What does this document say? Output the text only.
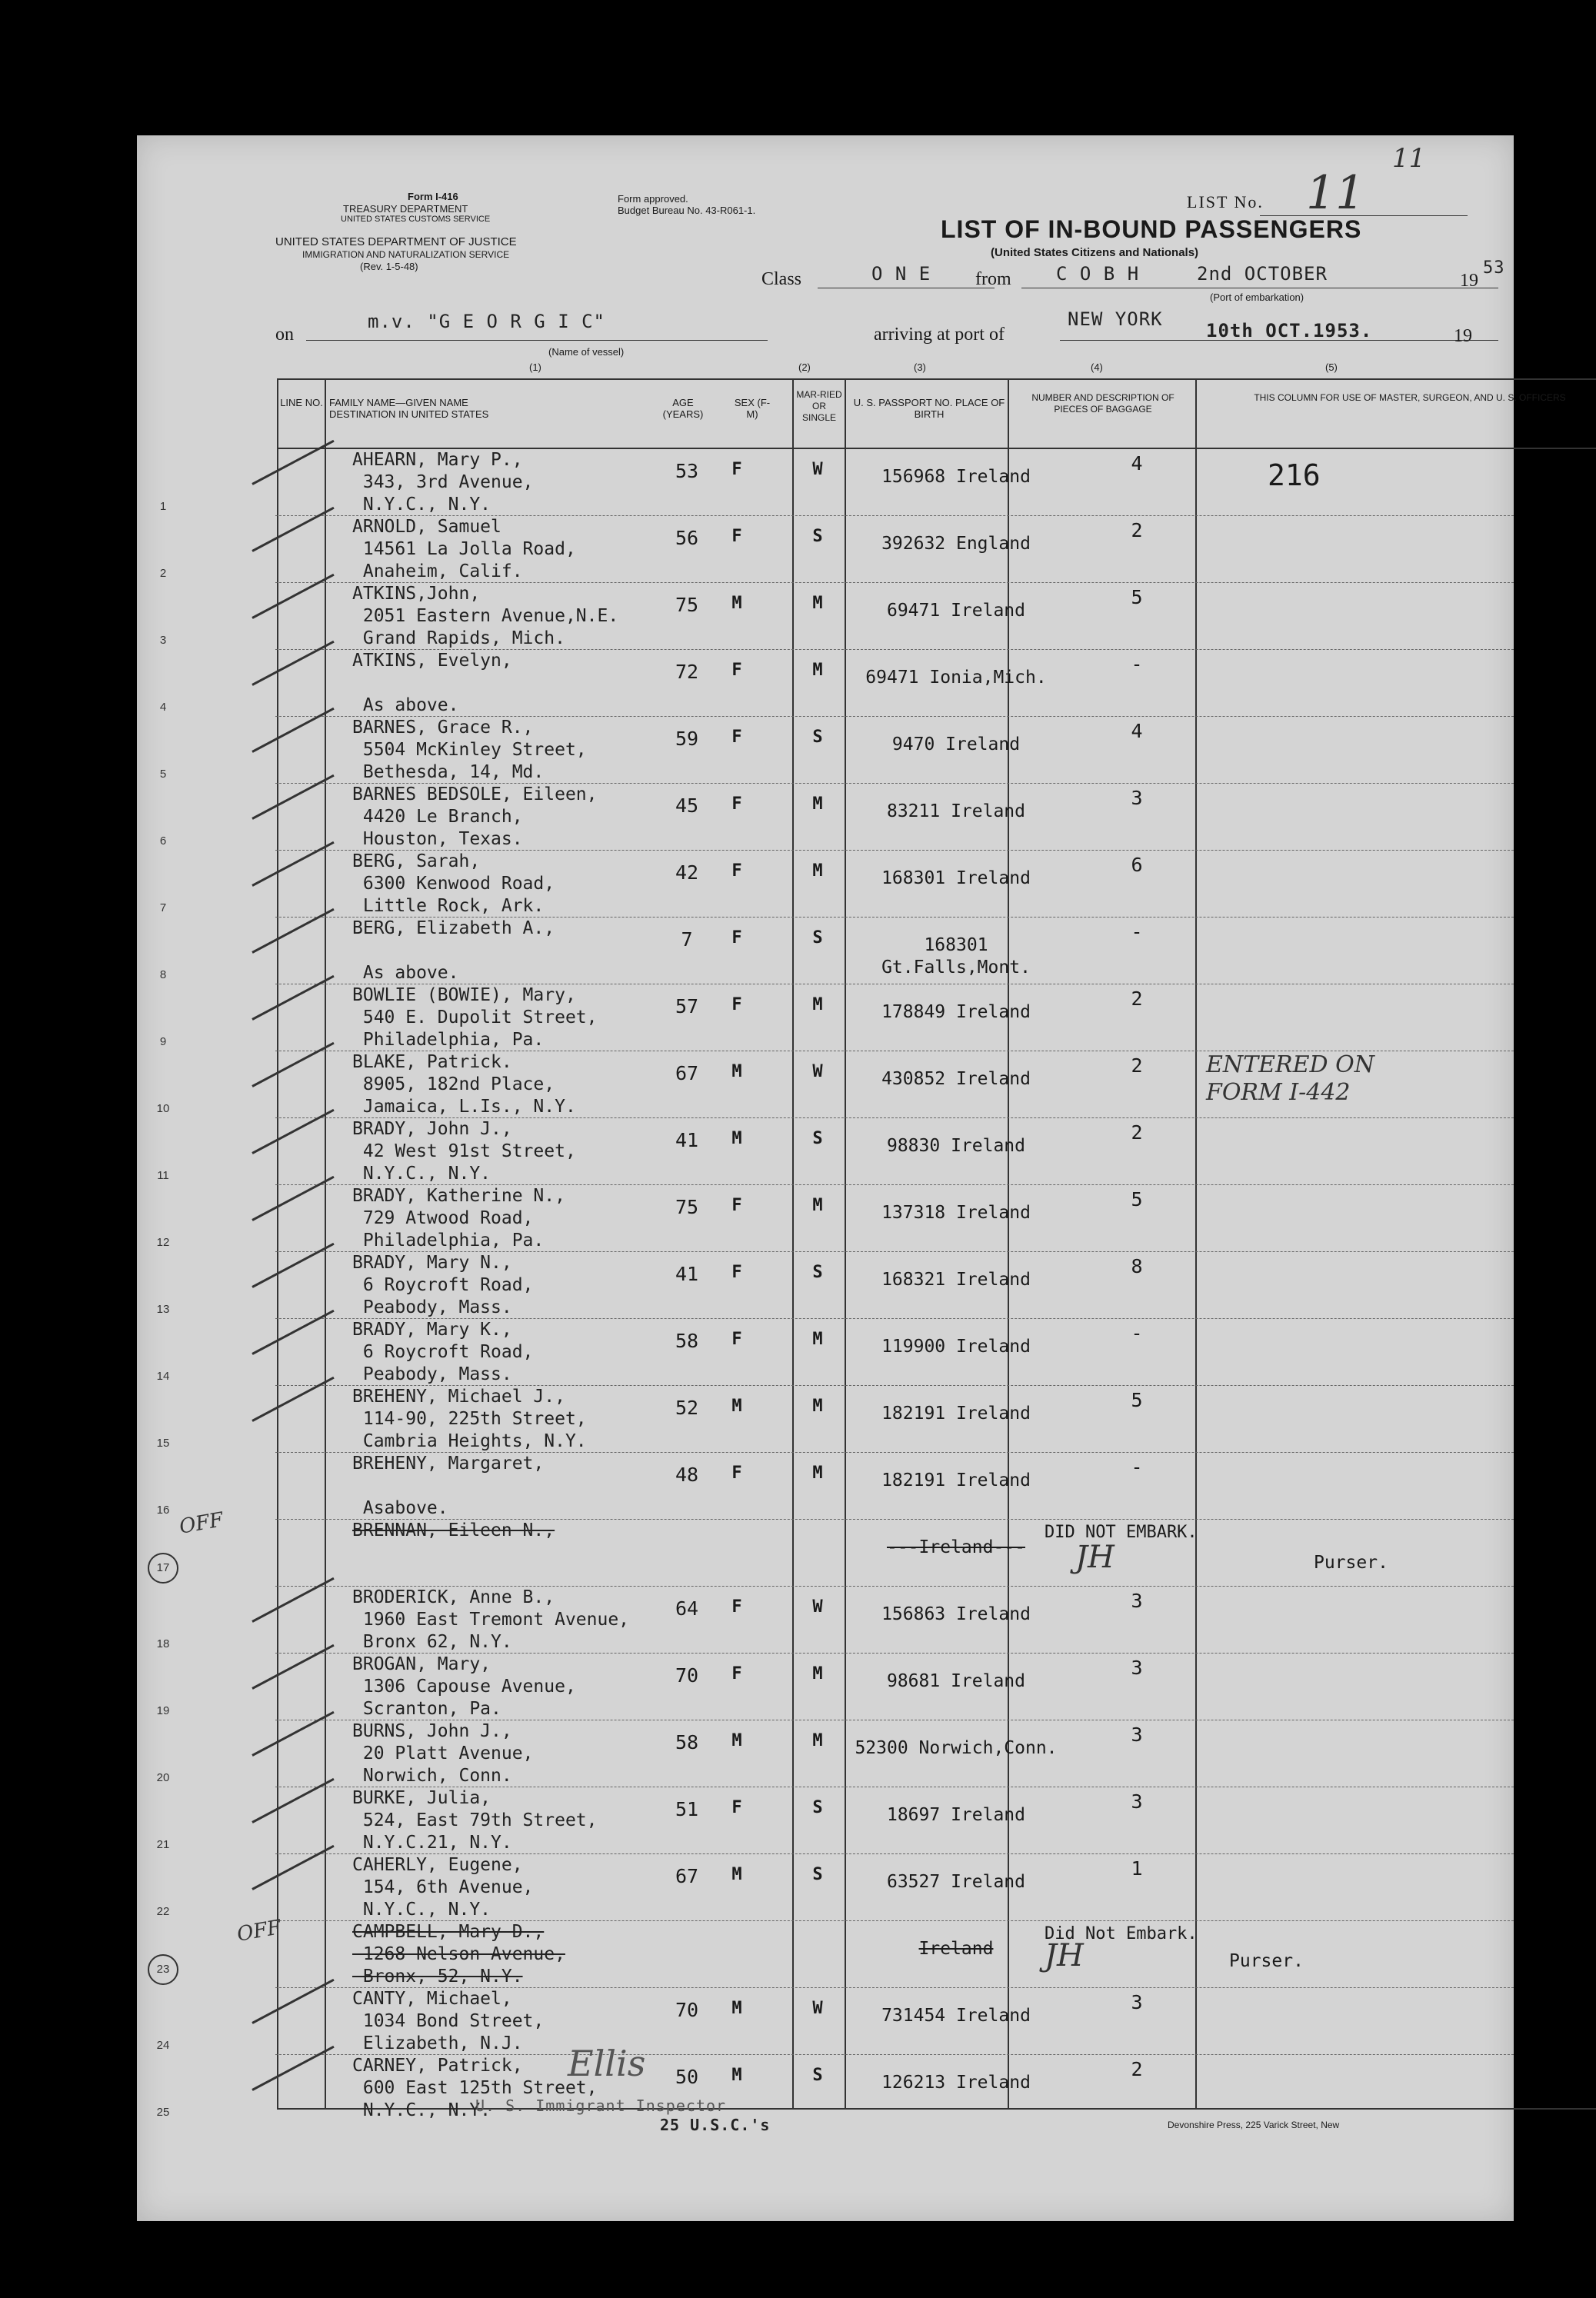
Form I-416
TREASURY DEPARTMENT
UNITED STATES CUSTOMS SERVICE
Form approved.
Budget Bureau No. 43-R061-1.
UNITED STATES DEPARTMENT OF JUSTICE
IMMIGRATION AND NATURALIZATION SERVICE
(Rev. 1-5-48)
LIST No. 11
11
LIST OF IN-BOUND PASSENGERS
(United States Citizens and Nationals)
Class	O N E from C O B H	2nd OCTOBER	19
53
(Port of embarkation)
on
m.v. "G E O R G I C"
(Name of vessel)
arriving at port of
NEW YORK
10th OCT.1953.	19
(1)	(2)	(3)	(4)	(5)
LINE NO. FAMILY NAME—GIVEN NAME
DESTINATION IN UNITED STATES
AGE (YEARS)
SEX (F-M)
MAR-RIED OR SINGLE
U. S. PASSPORT NO. PLACE OF BIRTH
NUMBER AND DESCRIPTION OF PIECES OF BAGGAGE
THIS COLUMN FOR USE OF MASTER, SURGEON, AND U. S. OFFICERS
1
AHEARN, Mary P.,
343, 3rd Avenue,
N.Y.C., N.Y.
53	F	W	156968 Ireland
4	216
2
ARNOLD, Samuel
14561 La Jolla Road,
Anaheim, Calif.
56	F	S	392632 England
2
3
ATKINS,John,
2051 Eastern Avenue,N.E.
Grand Rapids, Mich.
75	M	M	69471 Ireland
5
4
ATKINS, Evelyn,

As above.
72	F	M	69471 Ionia,Mich.
-
5
BARNES, Grace R.,
5504 McKinley Street,
Bethesda, 14, Md.
59	F	S	9470 Ireland
4
6
BARNES BEDSOLE, Eileen,
4420 Le Branch,
Houston, Texas.
45	F	M	83211 Ireland
3
7
BERG, Sarah,
6300 Kenwood Road,
Little Rock, Ark.
42	F	M	168301 Ireland
6
8
BERG, Elizabeth A.,

As above.
7	F	S	168301 Gt.Falls,Mont.
-
9
BOWLIE (BOWIE), Mary,
540 E. Dupolit Street,
Philadelphia, Pa.
57	F	M	178849 Ireland
2
10
BLAKE, Patrick.
8905, 182nd Place,
Jamaica, L.Is., N.Y.
67	M	W	430852 Ireland
2	ENTERED ON
FORM I-442
11
BRADY, John J.,
42 West 91st Street,
N.Y.C., N.Y.
41	M	S	98830 Ireland
2
12
BRADY, Katherine N.,
729 Atwood Road,
Philadelphia, Pa.
75	F	M	137318 Ireland
5
13
BRADY, Mary N.,
6 Roycroft Road,
Peabody, Mass.
41	F	S	168321 Ireland
8
14
BRADY, Mary K.,
6 Roycroft Road,
Peabody, Mass.
58	F	M	119900 Ireland
-
15
BREHENY, Michael J.,
114-90, 225th Street,
Cambria Heights, N.Y.
52	M	M	182191 Ireland
5
16
BREHENY, Margaret,

Asabove.
48	F	M	182191 Ireland
-
17
BRENNAN, Eileen N.,
---Ireland---
DID NOT EMBARK.
JH	Purser.
18
BRODERICK, Anne B.,
1960 East Tremont Avenue,
Bronx 62, N.Y.
64	F	W	156863 Ireland
3
19
BROGAN, Mary,
1306 Capouse Avenue,
Scranton, Pa.
70	F	M	98681 Ireland
3
20
BURNS, John J.,
20 Platt Avenue,
Norwich, Conn.
58	M	M	52300 Norwich,Conn.
3
21
BURKE, Julia,
524, East 79th Street,
N.Y.C.21, N.Y.
51	F	S	18697 Ireland
3
22
CAHERLY, Eugene,
154, 6th Avenue,
N.Y.C., N.Y.
67	M	S	63527 Ireland
1
23
CAMPBELL, Mary D.,
1268 Nelson Avenue,
Bronx, 52, N.Y.
Ireland
Did Not Embark.
JH	Purser.
24
CANTY, Michael,
1034 Bond Street,
Elizabeth, N.J.
70	M	W	731454 Ireland
3
25
CARNEY, Patrick,
600 East 125th Street,
N.Y.C., N.Y.
50	M	S	126213 Ireland
2
OFF
OFF
U. S. Immigrant Inspector
Ellis
25 U.S.C.'s	Devonshire Press, 225 Varick Street, New
